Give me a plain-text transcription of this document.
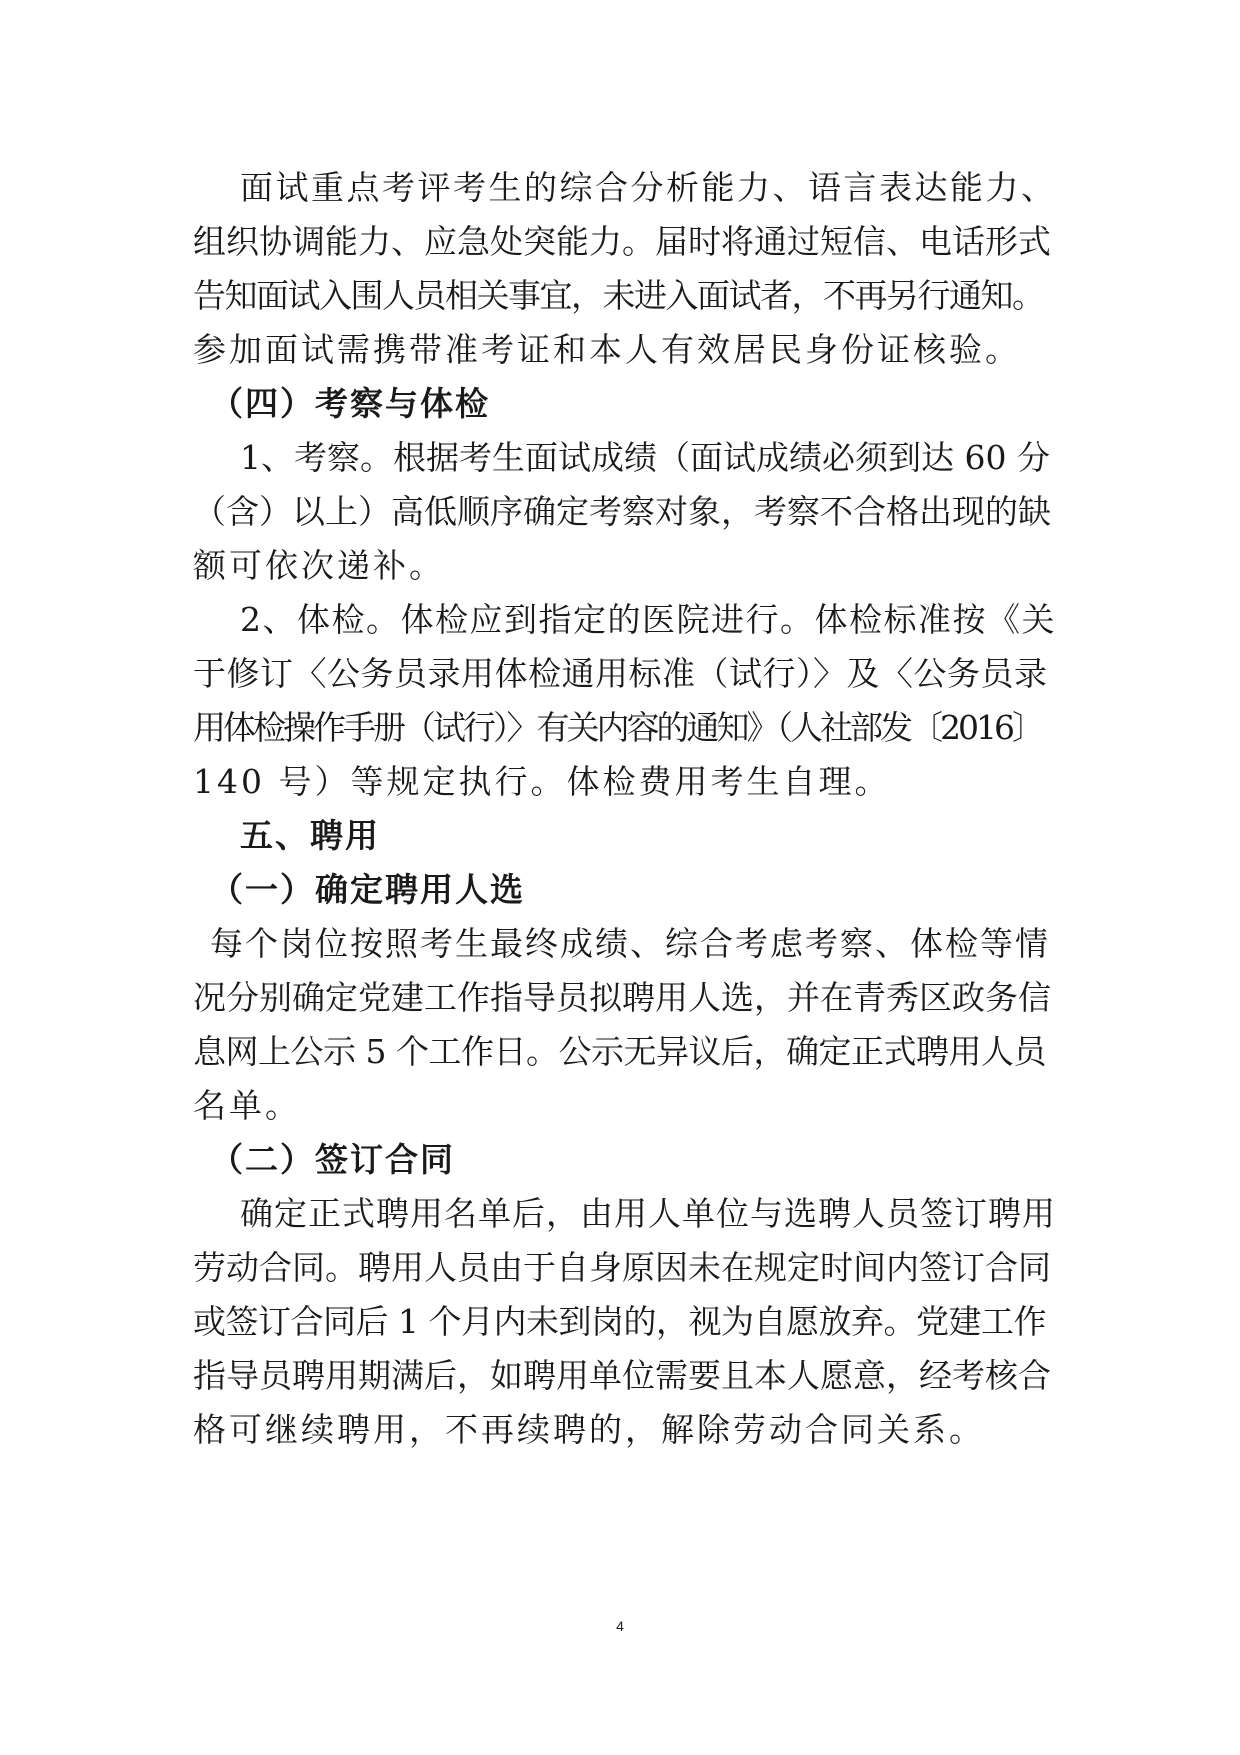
面试重点考评考生的综合分析能力、语言表达能力、
组织协调能力、应急处突能力。届时将通过短信、电话形式
告知面试入围人员相关事宜，未进入面试者，不再另行通知。
参加面试需携带准考证和本人有效居民身份证核验。
（四）考察与体检
1、考察。根据考生面试成绩（面试成绩必须到达 60 分
（含）以上）高低顺序确定考察对象，考察不合格出现的缺
额可依次递补。
2、体检。体检应到指定的医院进行。体检标准按《关
于修订〈公务员录用体检通用标准（试行）〉及〈公务员录
用体检操作手册（试行）〉有关内容的通知》（人社部发〔2016〕
140 号）等规定执行。体检费用考生自理。
五、聘用
（一）确定聘用人选
每个岗位按照考生最终成绩、综合考虑考察、体检等情
况分别确定党建工作指导员拟聘用人选，并在青秀区政务信
息网上公示 5 个工作日。公示无异议后，确定正式聘用人员
名单。
（二）签订合同
确定正式聘用名单后，由用人单位与选聘人员签订聘用
劳动合同。聘用人员由于自身原因未在规定时间内签订合同
或签订合同后 1 个月内未到岗的，视为自愿放弃。党建工作
指导员聘用期满后，如聘用单位需要且本人愿意，经考核合
格可继续聘用，不再续聘的，解除劳动合同关系。
4
